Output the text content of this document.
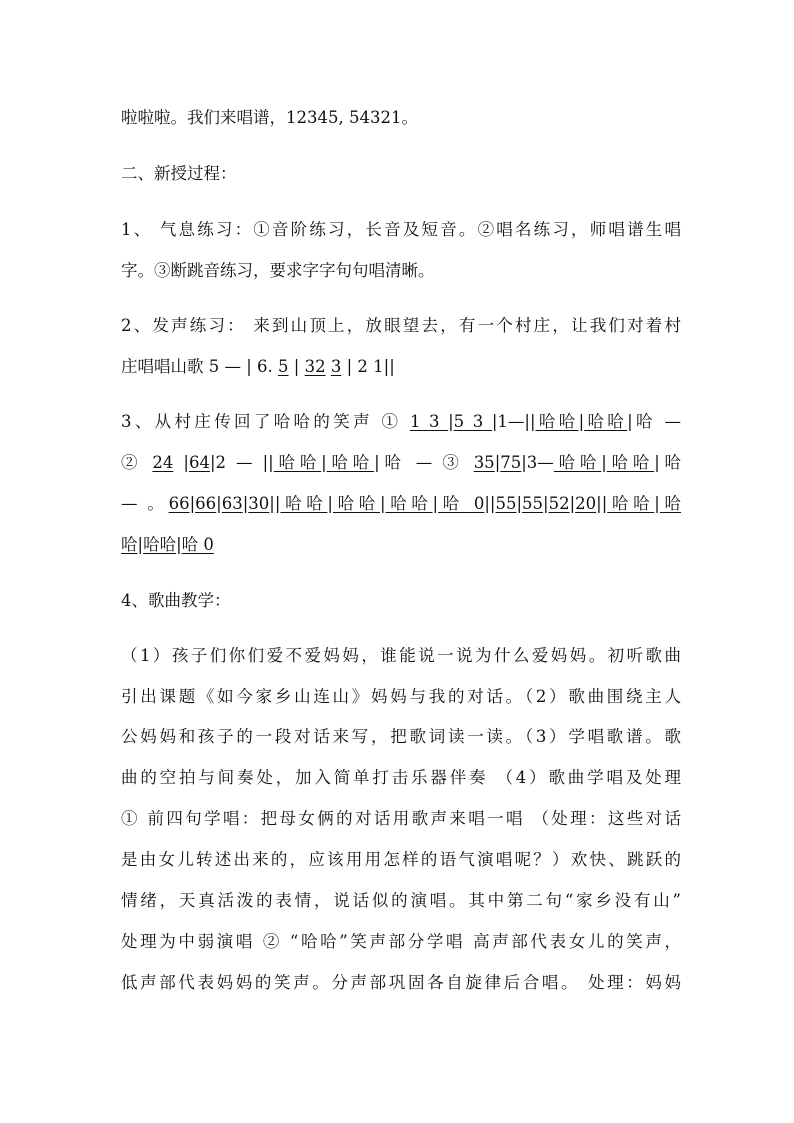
啦啦啦。我们来唱谱，12345, 54321。
二、新授过程：
1、 气息练习：①音阶练习，长音及短音。②唱名练习，师唱谱生唱
字。③断跳音练习，要求字字句句唱清晰。
2、发声练习： 来到山顶上，放眼望去，有一个村庄，让我们对着村
庄唱唱山歌 5 — | 6. 5 | 32 3 | 2 1||
3、从村庄传回了哈哈的笑声 ① 1 3 |5 3 |1—||哈哈|哈哈|哈 —
② 24 |64|2 — ||哈哈|哈哈|哈 — ③ 35|75|3—哈哈|哈哈|哈
— 。66|66|63|30||哈哈|哈哈|哈哈|哈 0||55|55|52|20||哈哈|哈
哈|哈哈|哈 0
4、歌曲教学：
（1）孩子们你们爱不爱妈妈，谁能说一说为什么爱妈妈。初听歌曲
引出课题《如今家乡山连山》妈妈与我的对话。（2）歌曲围绕主人
公妈妈和孩子的一段对话来写，把歌词读一读。（3）学唱歌谱。歌
曲的空拍与间奏处，加入简单打击乐器伴奏 （4）歌曲学唱及处理
① 前四句学唱：把母女俩的对话用歌声来唱一唱 （处理：这些对话
是由女儿转述出来的，应该用用怎样的语气演唱呢？）欢快、跳跃的
情绪，天真活泼的表情，说话似的演唱。其中第二句“家乡没有山”
处理为中弱演唱 ② “哈哈”笑声部分学唱 高声部代表女儿的笑声，
低声部代表妈妈的笑声。分声部巩固各自旋律后合唱。 处理：妈妈
